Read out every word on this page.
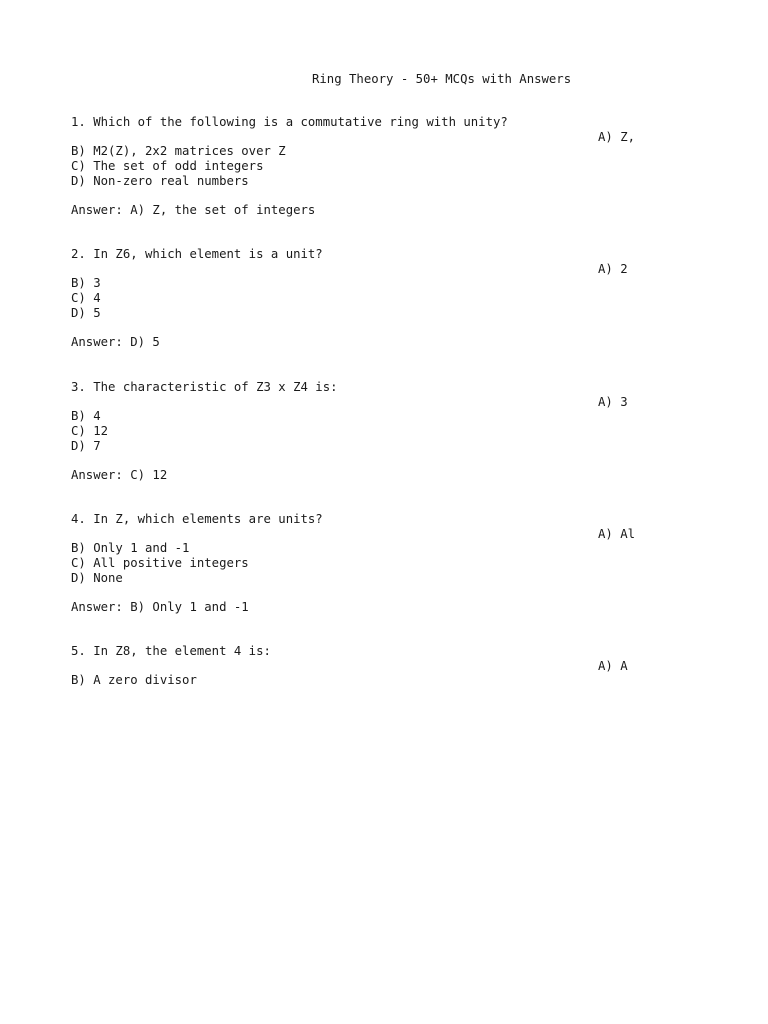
Ring Theory - 50+ MCQs with Answers
1. Which of the following is a commutative ring with unity?
A) Z,
B) M2(Z), 2x2 matrices over Z
C) The set of odd integers
D) Non-zero real numbers
Answer: A) Z, the set of integers
2. In Z6, which element is a unit?
A) 2
B) 3
C) 4
D) 5
Answer: D) 5
3. The characteristic of Z3 x Z4 is:
A) 3
B) 4
C) 12
D) 7
Answer: C) 12
4. In Z, which elements are units?
A) Al
B) Only 1 and -1
C) All positive integers
D) None
Answer: B) Only 1 and -1
5. In Z8, the element 4 is:
A) A
B) A zero divisor
